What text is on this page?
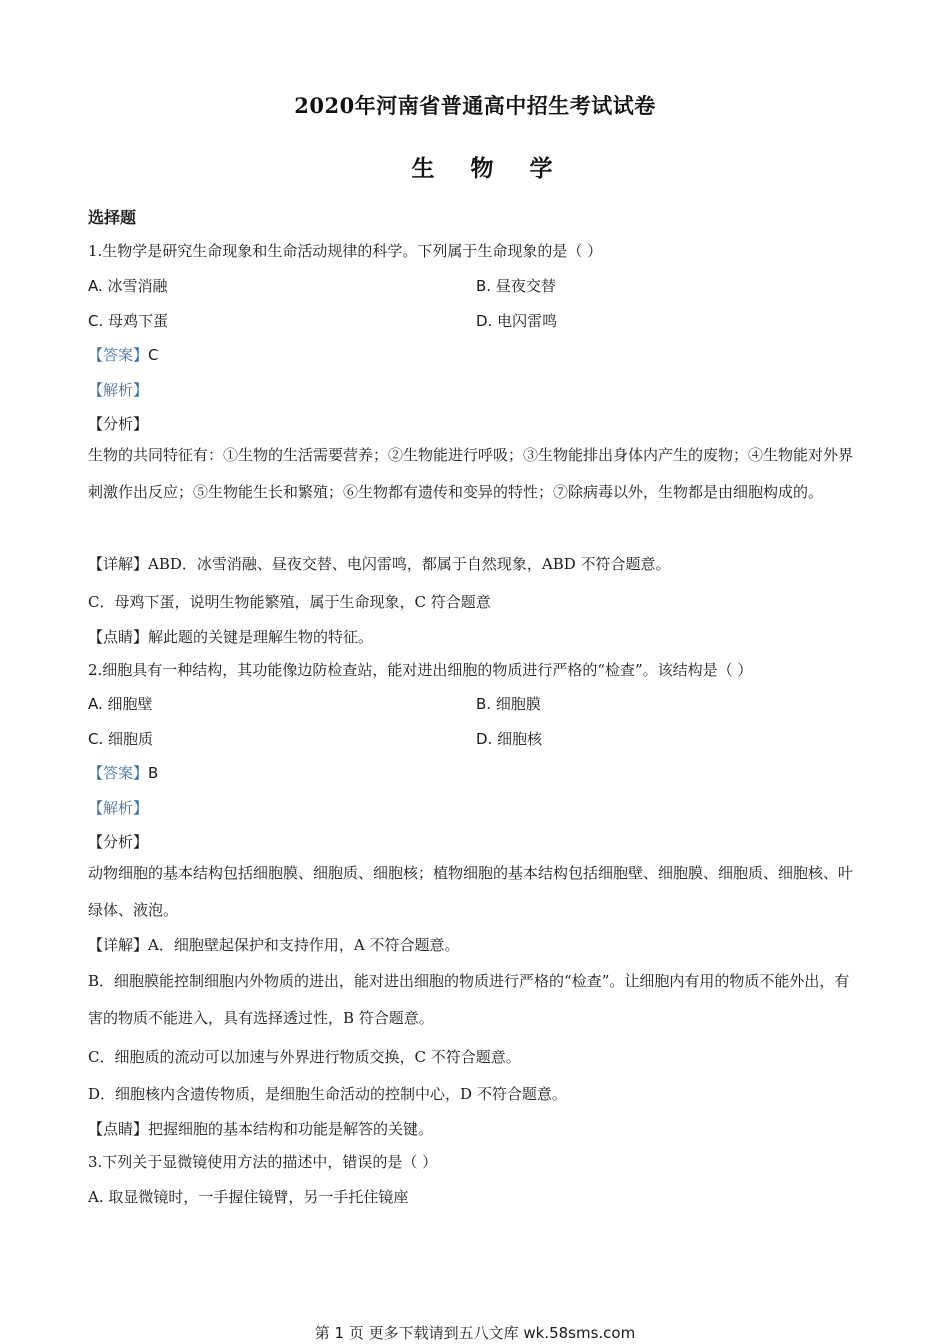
2020年河南省普通高中招生考试试卷
生 物 学
选择题
1.生物学是研究生命现象和生命活动规律的科学。下列属于生命现象的是（ ）
A. 冰雪消融	B. 昼夜交替
C. 母鸡下蛋	D. 电闪雷鸣
【答案】C
【解析】
【分析】
生物的共同特征有：①生物的生活需要营养；②生物能进行呼吸；③生物能排出身体内产生的废物；④生物能对外界刺激作出反应；⑤生物能生长和繁殖；⑥生物都有遗传和变异的特性；⑦除病毒以外，生物都是由细胞构成的。
【详解】ABD．冰雪消融、昼夜交替、电闪雷鸣，都属于自然现象，ABD 不符合题意。
C．母鸡下蛋，说明生物能繁殖，属于生命现象，C 符合题意
【点睛】解此题的关键是理解生物的特征。
2.细胞具有一种结构，其功能像边防检查站，能对进出细胞的物质进行严格的“检查”。该结构是（ ）
A. 细胞壁	B. 细胞膜
C. 细胞质	D. 细胞核
【答案】B
【解析】
【分析】
动物细胞的基本结构包括细胞膜、细胞质、细胞核；植物细胞的基本结构包括细胞壁、细胞膜、细胞质、细胞核、叶绿体、液泡。
【详解】A．细胞壁起保护和支持作用，A 不符合题意。
B．细胞膜能控制细胞内外物质的进出，能对进出细胞的物质进行严格的“检查”。让细胞内有用的物质不能外出，有害的物质不能进入，具有选择透过性，B 符合题意。
C．细胞质的流动可以加速与外界进行物质交换，C 不符合题意。
D．细胞核内含遗传物质，是细胞生命活动的控制中心，D 不符合题意。
【点睛】把握细胞的基本结构和功能是解答的关键。
3.下列关于显微镜使用方法的描述中，错误的是（ ）
A. 取显微镜时，一手握住镜臂，另一手托住镜座
第 1 页 更多下载请到五八文库 wk.58sms.com
